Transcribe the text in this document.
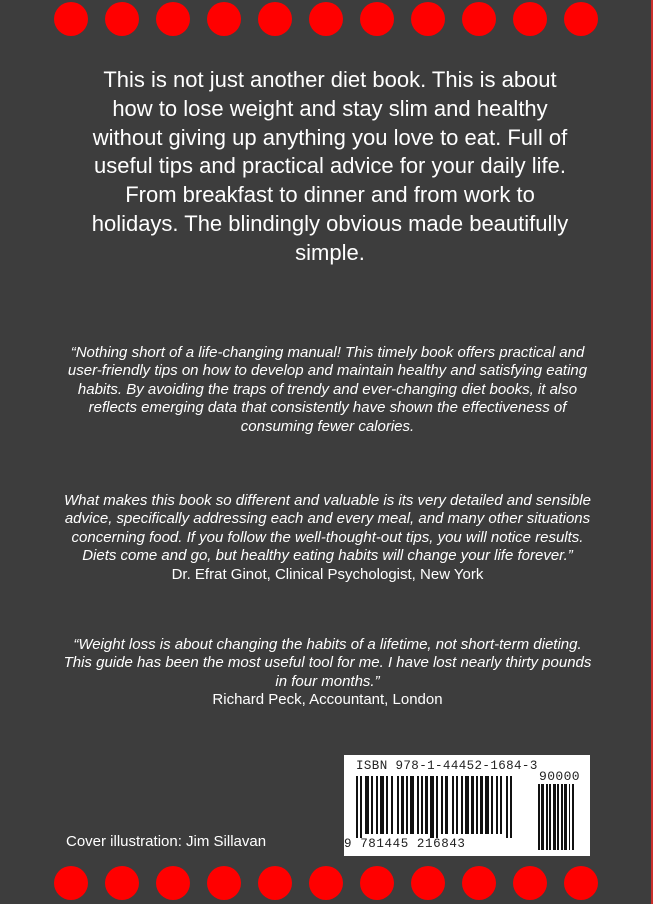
This is not just another diet book. This is about how to lose weight and stay slim and healthy without giving up anything you love to eat. Full of useful tips and practical advice for your daily life. From breakfast to dinner and from work to holidays. The blindingly obvious made beautifully simple.

“Nothing short of a life-changing manual! This timely book offers practical and user-friendly tips on how to develop and maintain healthy and satisfying eating habits. By avoiding the traps of trendy and ever-changing diet books, it also reflects emerging data that consistently have shown the effectiveness of consuming fewer calories.

What makes this book so different and valuable is its very detailed and sensible advice, specifically addressing each and every meal, and many other situations concerning food. If you follow the well-thought-out tips, you will notice results. Diets come and go, but healthy eating habits will change your life forever.”
Dr. Efrat Ginot, Clinical Psychologist, New York

“Weight loss is about changing the habits of a lifetime, not short-term dieting. This guide has been the most useful tool for me. I have lost nearly thirty pounds in four months.”
Richard Peck, Accountant, London

Cover illustration: Jim Sillavan

ISBN 978-1-44452-1684-3
90000
9 781445 216843
